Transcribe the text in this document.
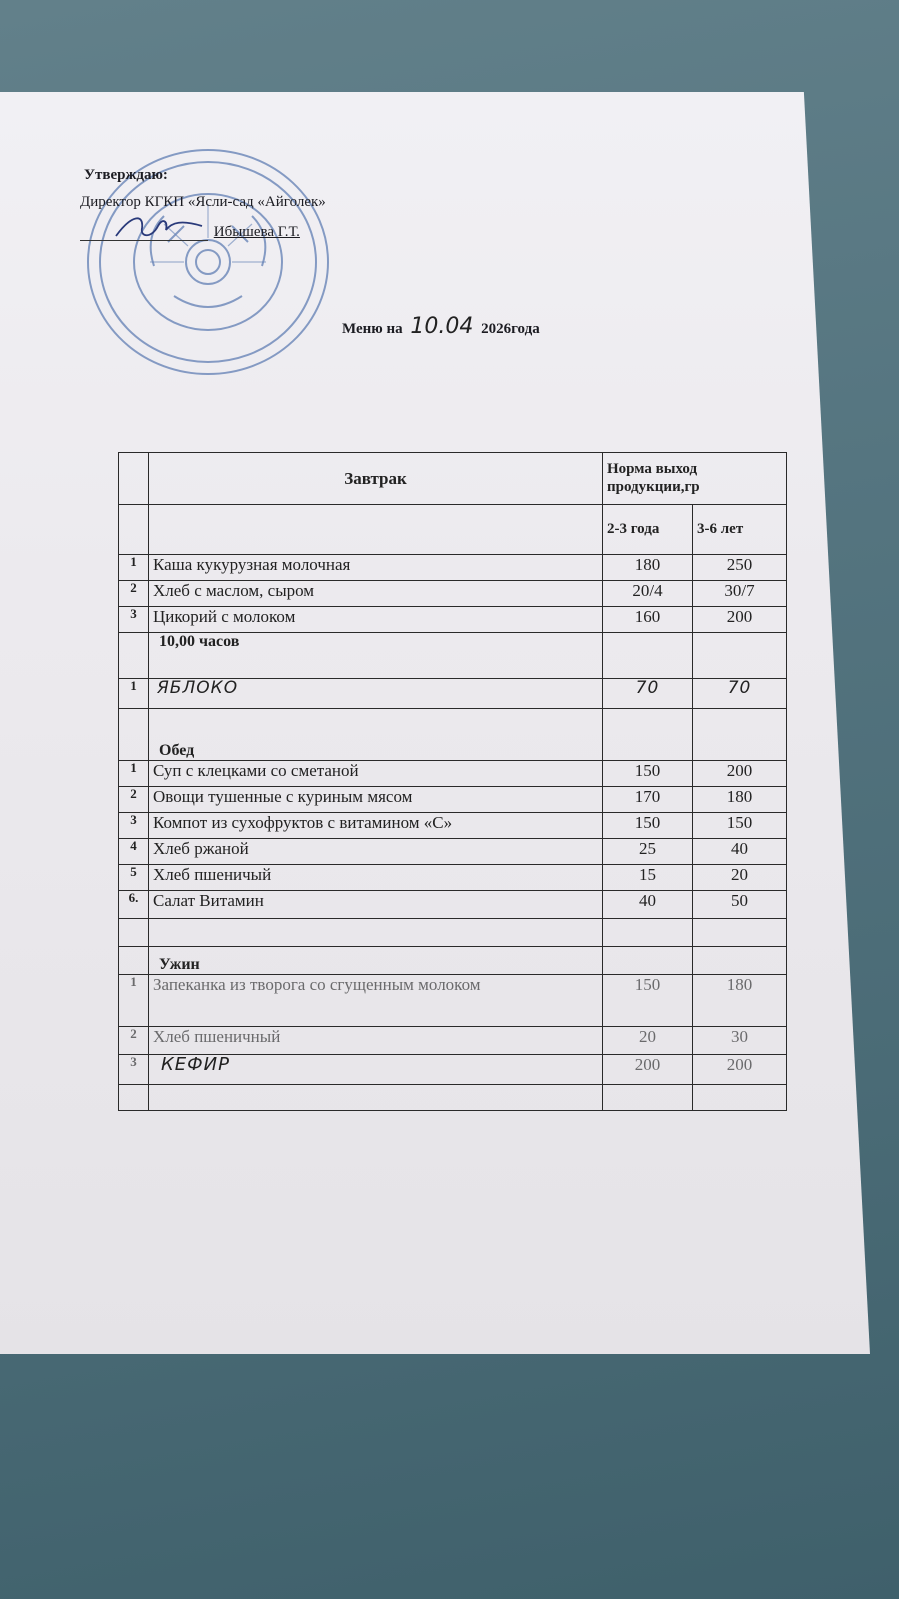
Утверждаю:
Директор КГКП «Ясли-сад «Айголек»
Ибышева Г.Т.
Меню на 10.04 2026года
	Завтрак	Норма выход продукции,гр	
		2-3 года	3-6 лет
1	Каша кукурузная молочная	180	250
2	Хлеб с маслом, сыром	20/4	30/7
3	Цикорий с молоком	160	200
	10,00 часов		
1	ЯБЛОКО	70	70
	Обед		
1	Суп с клецками со сметаной	150	200
2	Овощи тушенные с куриным мясом	170	180
3	Компот из сухофруктов с витамином «С»	150	150
4	Хлеб ржаной	25	40
5	Хлеб пшеничый	15	20
6.	Салат Витамин	40	50

	Ужин		
1	Запеканка из творога со сгущенным молоком	150	180
2	Хлеб пшеничный	20	30
3	КЕФИР	200	200
